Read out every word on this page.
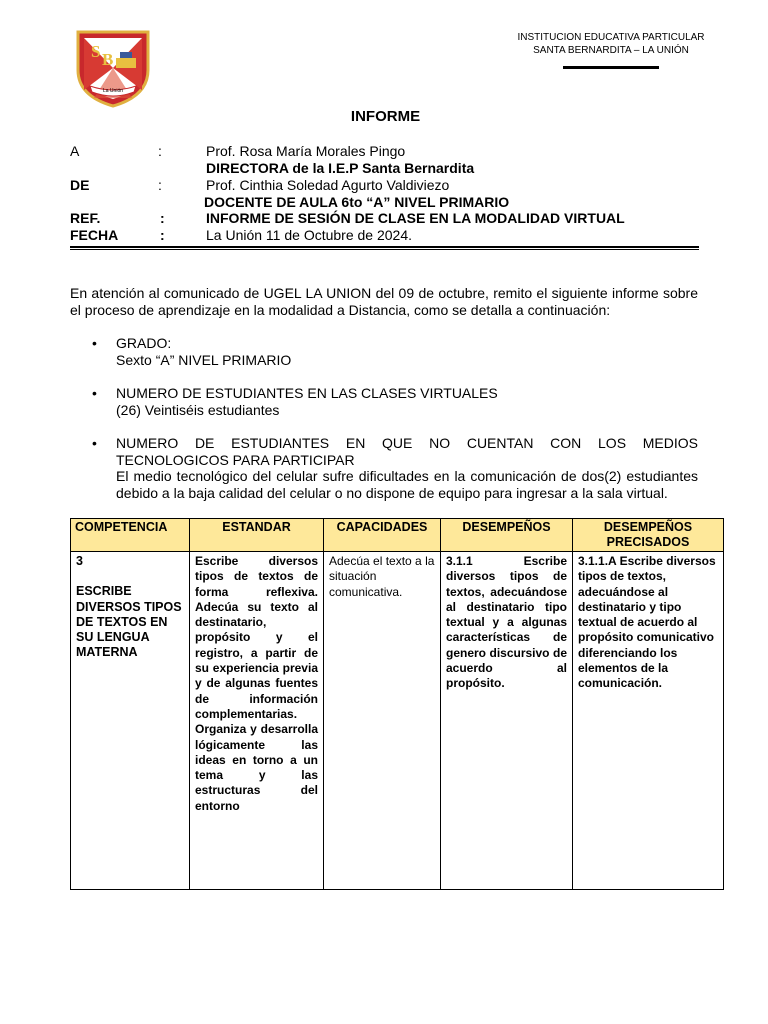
S B
La Unión
INSTITUCION EDUCATIVA PARTICULAR
SANTA BERNARDITA – LA UNIÓN
INFORME
A	:	Prof. Rosa María Morales Pingo
DIRECTORA de la I.E.P Santa Bernardita
DE	:	Prof. Cinthia Soledad Agurto Valdiviezo
DOCENTE DE AULA 6to “A” NIVEL PRIMARIO
REF.	:	INFORME DE SESIÓN DE CLASE EN LA MODALIDAD VIRTUAL
FECHA	:	La Unión 11 de Octubre de 2024.
En atención al comunicado de UGEL LA UNION del 09 de octubre, remito el siguiente informe sobre el proceso de aprendizaje en la modalidad a Distancia, como se detalla a continuación:
• GRADO:
Sexto “A” NIVEL PRIMARIO
• NUMERO DE ESTUDIANTES EN LAS CLASES VIRTUALES
(26) Veintiséis estudiantes
• NUMERO DE ESTUDIANTES EN QUE NO CUENTAN CON LOS MEDIOS TECNOLOGICOS PARA PARTICIPAR
El medio tecnológico del celular sufre dificultades en la comunicación de dos(2) estudiantes debido a la baja calidad del celular o no dispone de equipo para ingresar a la sala virtual.
COMPETENCIA	ESTANDAR	CAPACIDADES	DESEMPEÑOS	DESEMPEÑOS PRECISADOS

3
ESCRIBE DIVERSOS TIPOS DE TEXTOS EN SU LENGUA MATERNA	Escribe diversos tipos de textos de forma reflexiva. Adecúa su texto al destinatario, propósito y el registro, a partir de su experiencia previa y de algunas fuentes de información complementarias. Organiza y desarrolla lógicamente las ideas en torno a un tema y las estructuras del entorno	Adecúa el texto a la situación comunicativa.	3.1.1 Escribe diversos tipos de textos, adecuándose al destinatario tipo textual y a algunas características de genero discursivo de acuerdo al propósito.	3.1.1.A Escribe diversos tipos de textos, adecuándose al destinatario y tipo textual de acuerdo al propósito comunicativo diferenciando los elementos de la comunicación.
